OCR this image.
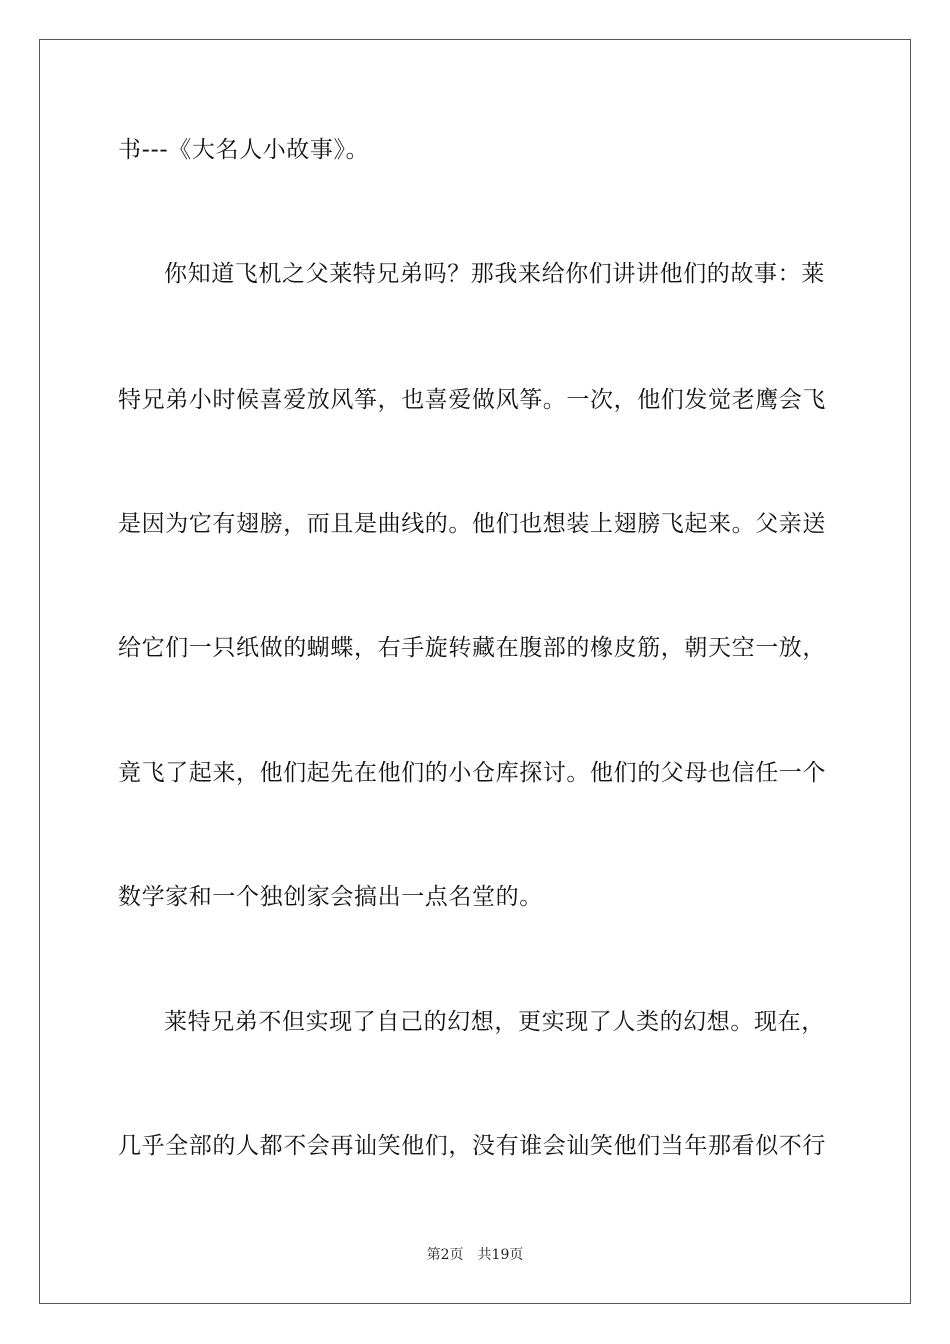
书---《大名人小故事》。
你知道飞机之父莱特兄弟吗？那我来给你们讲讲他们的故事：莱
特兄弟小时候喜爱放风筝，也喜爱做风筝。一次，他们发觉老鹰会飞
是因为它有翅膀，而且是曲线的。他们也想装上翅膀飞起来。父亲送
给它们一只纸做的蝴蝶，右手旋转藏在腹部的橡皮筋，朝天空一放，
竟飞了起来，他们起先在他们的小仓库探讨。他们的父母也信任一个
数学家和一个独创家会搞出一点名堂的。
莱特兄弟不但实现了自己的幻想，更实现了人类的幻想。现在，
几乎全部的人都不会再讪笑他们，没有谁会讪笑他们当年那看似不行
第2页 共19页
